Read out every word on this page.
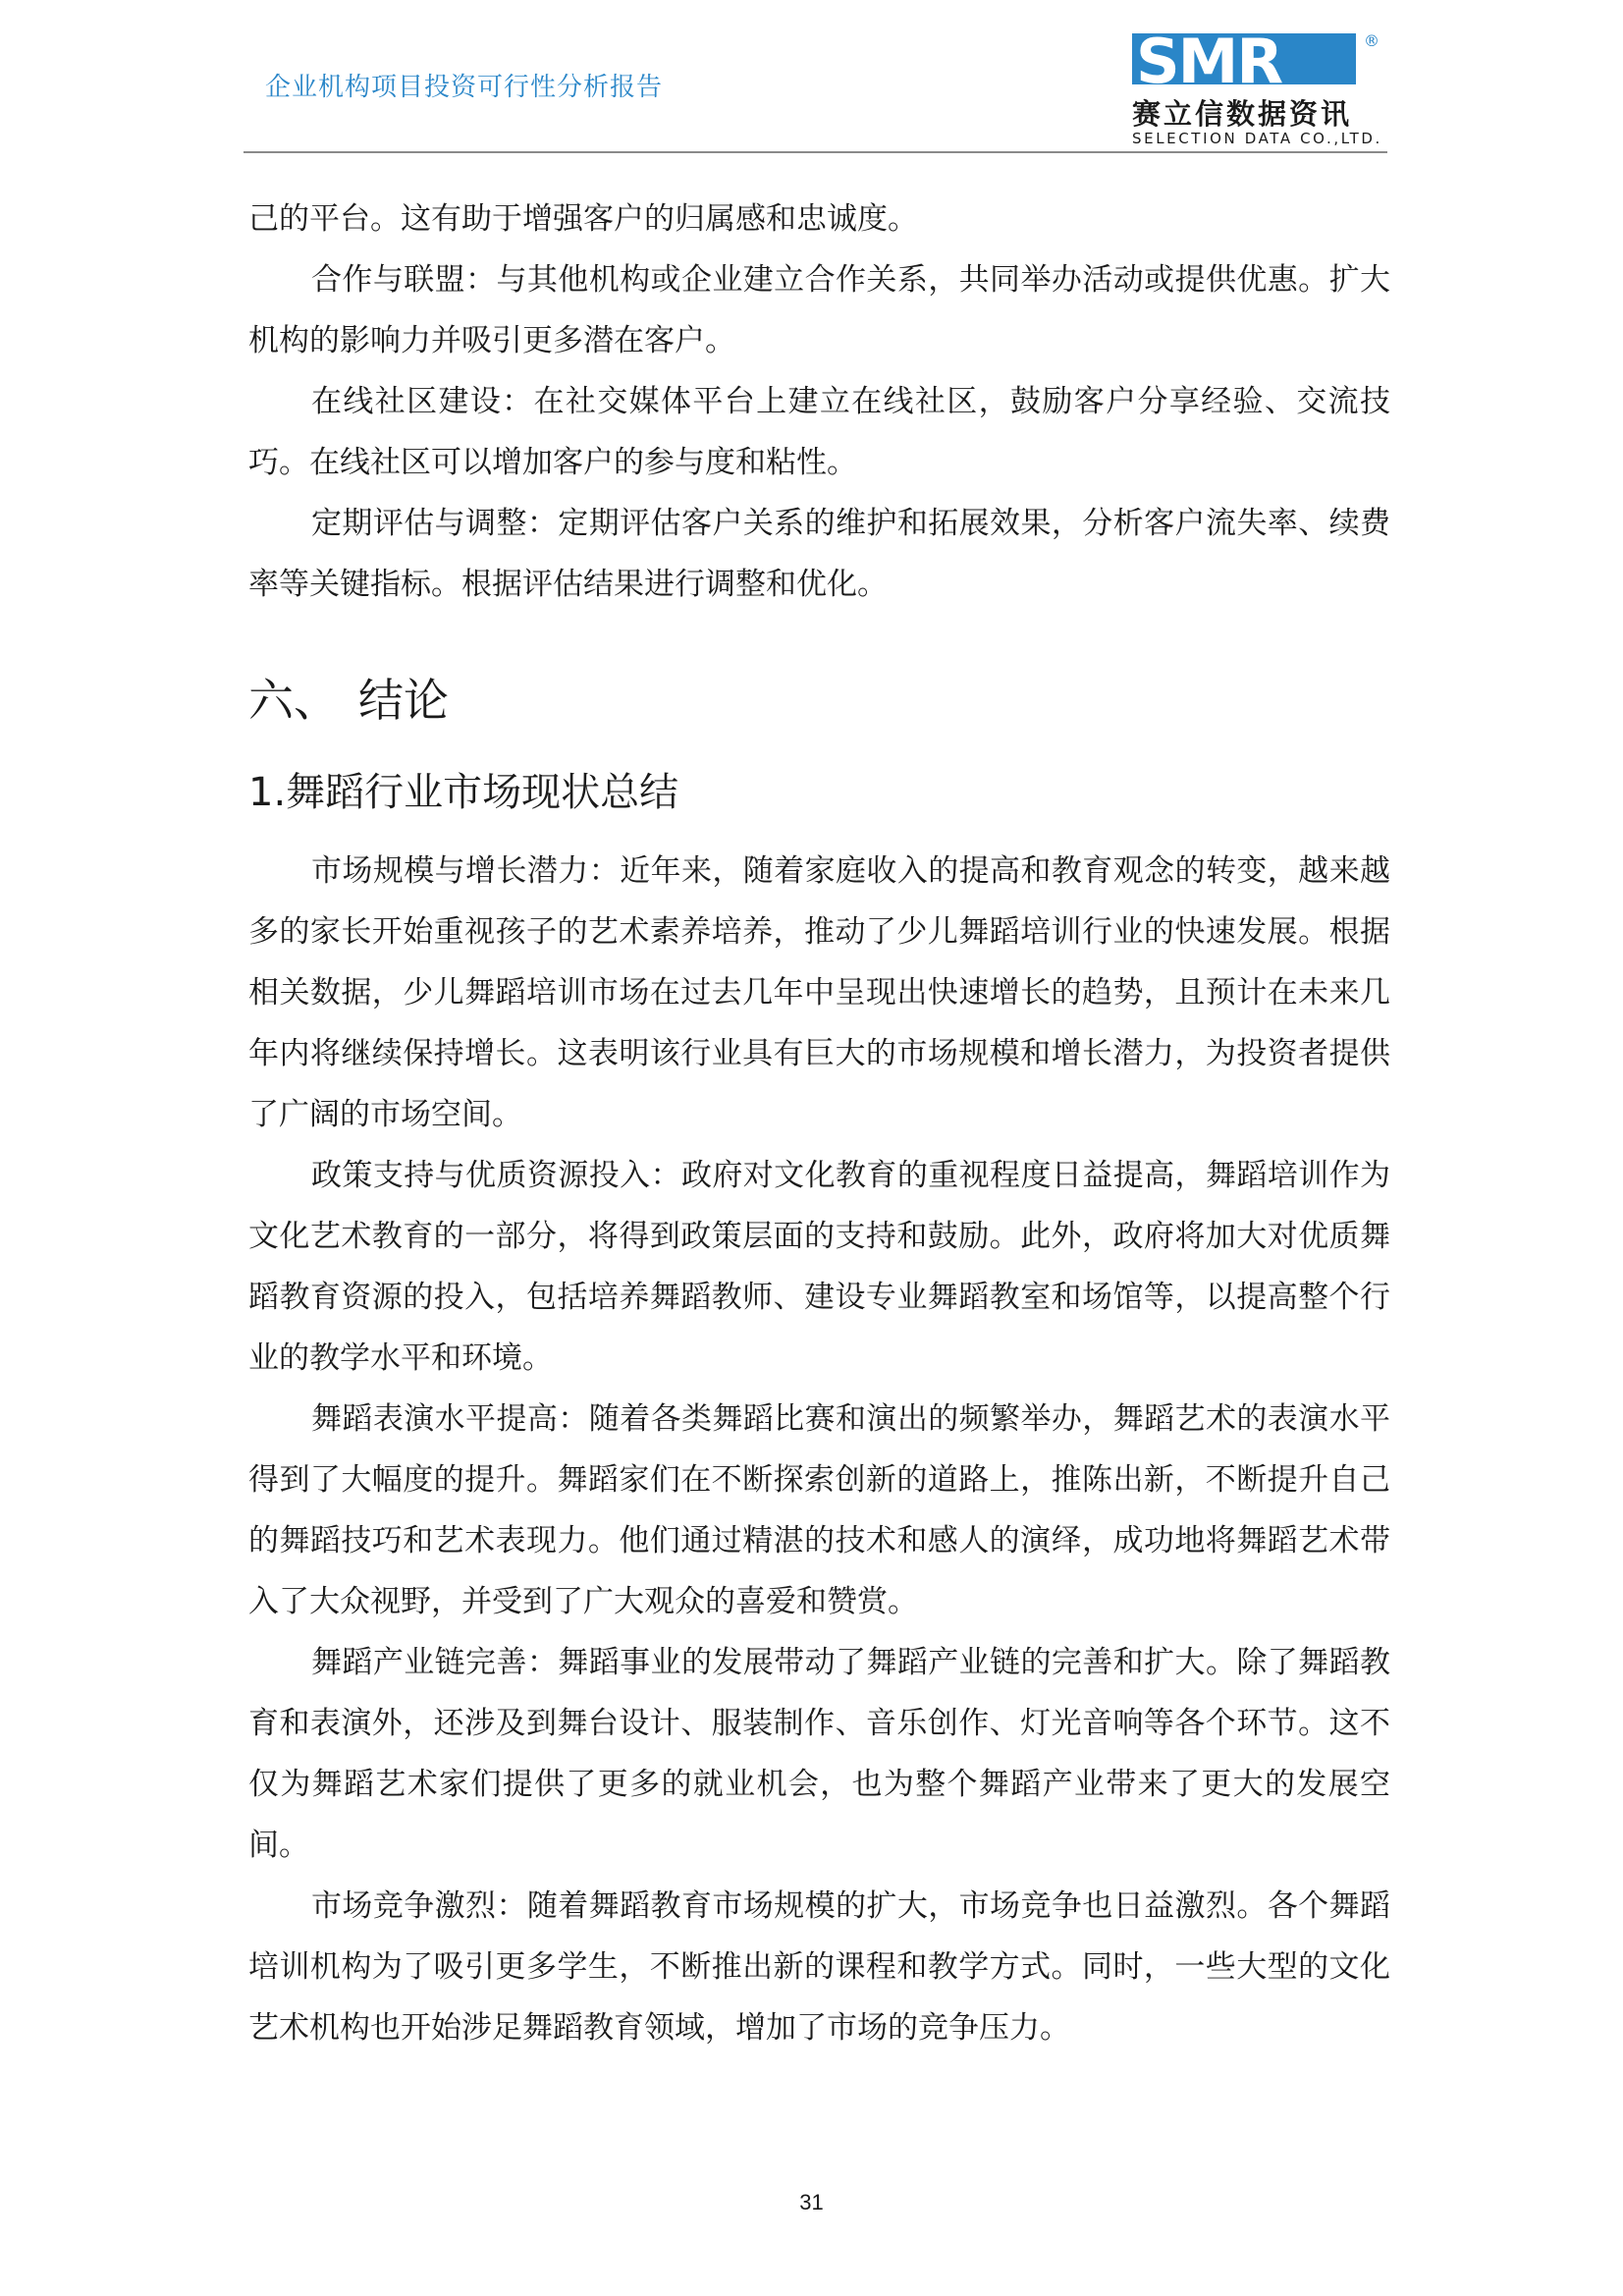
企业机构项目投资可行性分析报告	SMR	®
赛立信数据资讯
SELECTION DATA CO.,LTD.

己的平台。这有助于增强客户的归属感和忠诚度。

合作与联盟：与其他机构或企业建立合作关系，共同举办活动或提供优惠。扩大机构的影响力并吸引更多潜在客户。

在线社区建设：在社交媒体平台上建立在线社区，鼓励客户分享经验、交流技巧。在线社区可以增加客户的参与度和粘性。

定期评估与调整：定期评估客户关系的维护和拓展效果，分析客户流失率、续费率等关键指标。根据评估结果进行调整和优化。

六、 结论
1.舞蹈行业市场现状总结

市场规模与增长潜力：近年来，随着家庭收入的提高和教育观念的转变，越来越多的家长开始重视孩子的艺术素养培养，推动了少儿舞蹈培训行业的快速发展。根据相关数据，少儿舞蹈培训市场在过去几年中呈现出快速增长的趋势，且预计在未来几年内将继续保持增长。这表明该行业具有巨大的市场规模和增长潜力，为投资者提供了广阔的市场空间。

政策支持与优质资源投入：政府对文化教育的重视程度日益提高，舞蹈培训作为文化艺术教育的一部分，将得到政策层面的支持和鼓励。此外，政府将加大对优质舞蹈教育资源的投入，包括培养舞蹈教师、建设专业舞蹈教室和场馆等，以提高整个行业的教学水平和环境。

舞蹈表演水平提高：随着各类舞蹈比赛和演出的频繁举办，舞蹈艺术的表演水平得到了大幅度的提升。舞蹈家们在不断探索创新的道路上，推陈出新，不断提升自己的舞蹈技巧和艺术表现力。他们通过精湛的技术和感人的演绎，成功地将舞蹈艺术带入了大众视野，并受到了广大观众的喜爱和赞赏。

舞蹈产业链完善：舞蹈事业的发展带动了舞蹈产业链的完善和扩大。除了舞蹈教育和表演外，还涉及到舞台设计、服装制作、音乐创作、灯光音响等各个环节。这不仅为舞蹈艺术家们提供了更多的就业机会，也为整个舞蹈产业带来了更大的发展空间。

市场竞争激烈：随着舞蹈教育市场规模的扩大，市场竞争也日益激烈。各个舞蹈培训机构为了吸引更多学生，不断推出新的课程和教学方式。同时，一些大型的文化艺术机构也开始涉足舞蹈教育领域，增加了市场的竞争压力。

31
